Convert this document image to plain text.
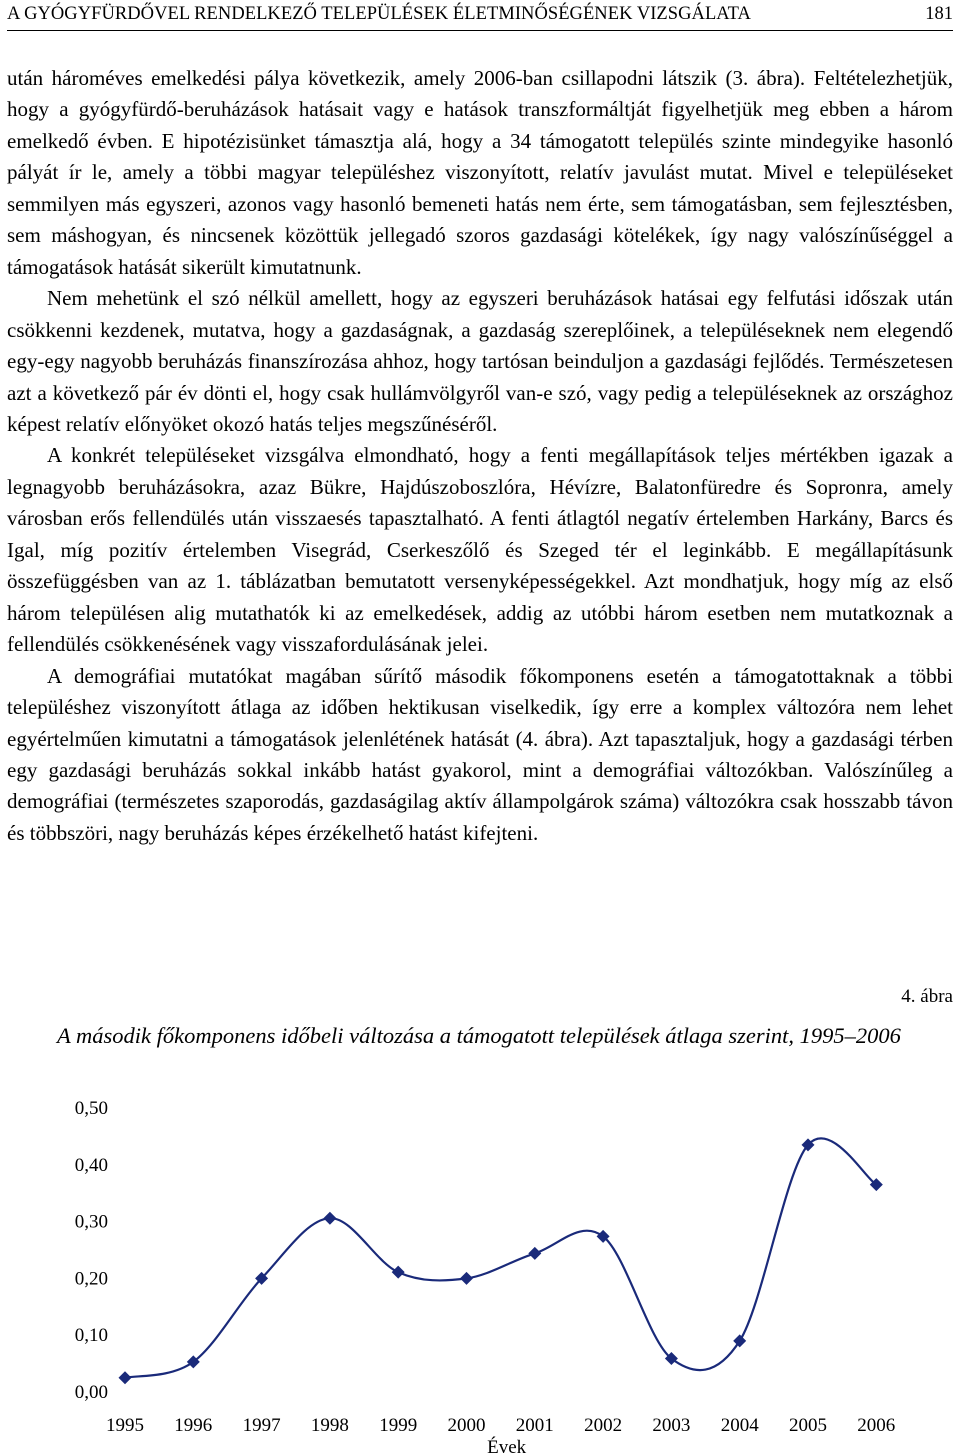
A GYÓGYFÜRDŐVEL RENDELKEZŐ TELEPÜLÉSEK ÉLETMINŐSÉGÉNEK VIZSGÁLATA	181

után hároméves emelkedési pálya következik, amely 2006-ban csillapodni látszik (3. ábra). Feltételezhetjük, hogy a gyógyfürdő-beruházások hatásait vagy e hatások transzformáltját figyelhetjük meg ebben a három emelkedő évben. E hipotézisünket támasztja alá, hogy a 34 támogatott település szinte mindegyike hasonló pályát ír le, amely a többi magyar településhez viszonyított, relatív javulást mutat. Mivel e településeket semmilyen más egyszeri, azonos vagy hasonló bemeneti hatás nem érte, sem támogatásban, sem fejlesztésben, sem máshogyan, és nincsenek közöttük jellegadó szoros gazdasági kötelékek, így nagy valószínűséggel a támogatások hatását sikerült kimutatnunk.

Nem mehetünk el szó nélkül amellett, hogy az egyszeri beruházások hatásai egy felfutási időszak után csökkenni kezdenek, mutatva, hogy a gazdaságnak, a gazdaság szereplőinek, a településeknek nem elegendő egy-egy nagyobb beruházás finanszírozása ahhoz, hogy tartósan beinduljon a gazdasági fejlődés. Természetesen azt a következő pár év dönti el, hogy csak hullámvölgyről van-e szó, vagy pedig a településeknek az országhoz képest relatív előnyöket okozó hatás teljes megszűnéséről.

A konkrét településeket vizsgálva elmondható, hogy a fenti megállapítások teljes mértékben igazak a legnagyobb beruházásokra, azaz Bükre, Hajdúszoboszlóra, Hévízre, Balatonfüredre és Sopronra, amely városban erős fellendülés után visszaesés tapasztalható. A fenti átlagtól negatív értelemben Harkány, Barcs és Igal, míg pozitív értelemben Visegrád, Cserkeszőlő és Szeged tér el leginkább. E megállapításunk összefüggésben van az 1. táblázatban bemutatott versenyképességekkel. Azt mondhatjuk, hogy míg az első három településen alig mutathatók ki az emelkedések, addig az utóbbi három esetben nem mutatkoznak a fellendülés csökkenésének vagy visszafordulásának jelei.

A demográfiai mutatókat magában sűrítő második főkomponens esetén a támogatottaknak a többi településhez viszonyított átlaga az időben hektikusan viselkedik, így erre a komplex változóra nem lehet egyértelműen kimutatni a támogatások jelenlétének hatását (4. ábra). Azt tapasztaljuk, hogy a gazdasági térben egy gazdasági beruházás sokkal inkább hatást gyakorol, mint a demográfiai változókban. Valószínűleg a demográfiai (természetes szaporodás, gazdaságilag aktív állampolgárok száma) változókra csak hosszabb távon és többszöri, nagy beruházás képes érzékelhető hatást kifejteni.

4. ábra
A második főkomponens időbeli változása a támogatott települések átlaga szerint, 1995–2006
0,00
0,10
0,20
0,30
0,40
0,50
1995 1996 1997 1998 1999 2000 2001 2002 2003 2004 2005 2006
Évek
